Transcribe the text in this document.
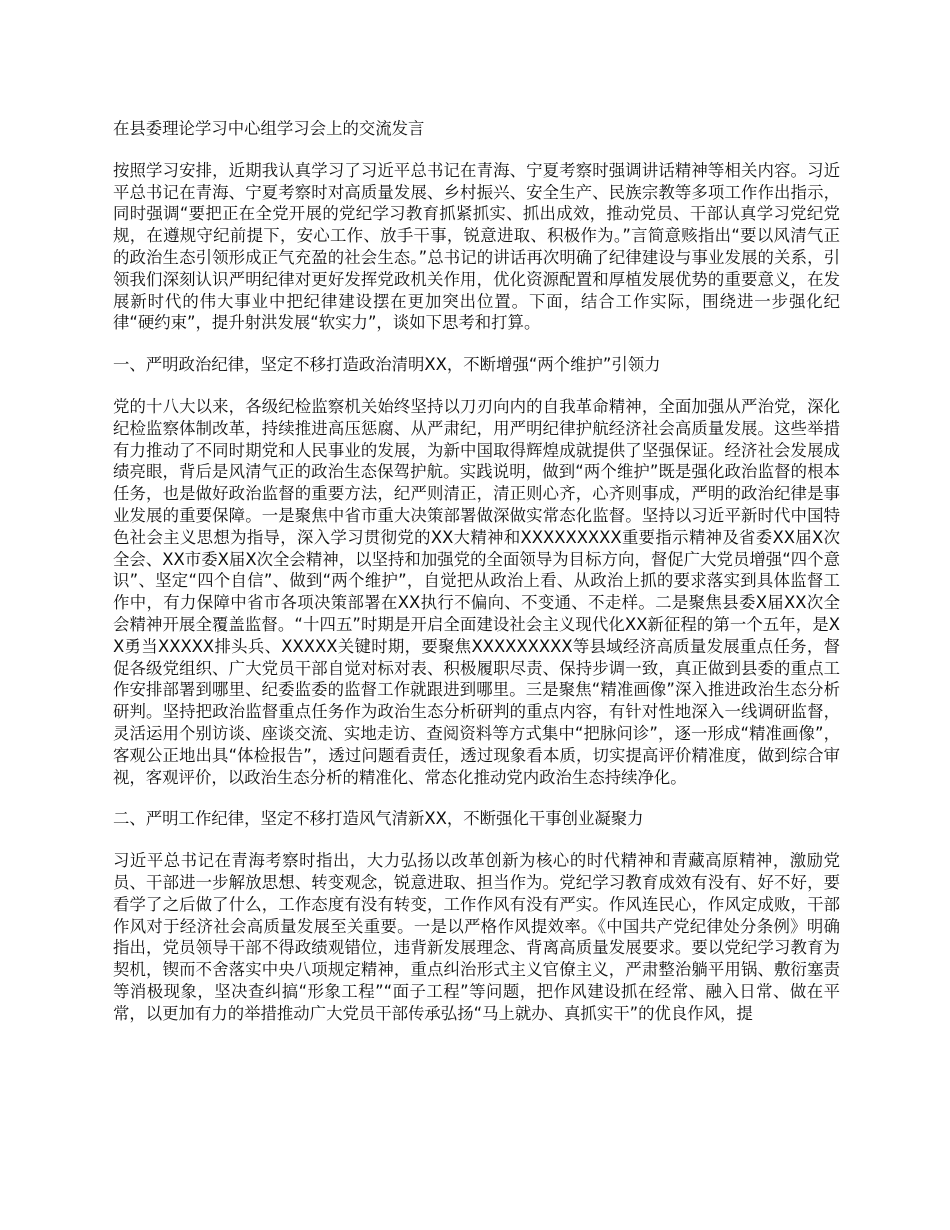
在县委理论学习中心组学习会上的交流发言

按照学习安排，近期我认真学习了习近平总书记在青海、宁夏考察时强调讲话精神等相关内容。习近平总书记在青海、宁夏考察时对高质量发展、乡村振兴、安全生产、民族宗教等多项工作作出指示，同时强调“要把正在全党开展的党纪学习教育抓紧抓实、抓出成效，推动党员、干部认真学习党纪党规，在遵规守纪前提下，安心工作、放手干事，锐意进取、积极作为。”言简意赅指出“要以风清气正的政治生态引领形成正气充盈的社会生态。”总书记的讲话再次明确了纪律建设与事业发展的关系，引领我们深刻认识严明纪律对更好发挥党政机关作用，优化资源配置和厚植发展优势的重要意义，在发展新时代的伟大事业中把纪律建设摆在更加突出位置。下面，结合工作实际，围绕进一步强化纪律“硬约束”，提升射洪发展“软实力”，谈如下思考和打算。

一、严明政治纪律，坚定不移打造政治清明XX，不断增强“两个维护”引领力

党的十八大以来，各级纪检监察机关始终坚持以刀刃向内的自我革命精神，全面加强从严治党，深化纪检监察体制改革，持续推进高压惩腐、从严肃纪，用严明纪律护航经济社会高质量发展。这些举措有力推动了不同时期党和人民事业的发展，为新中国取得辉煌成就提供了坚强保证。经济社会发展成绩亮眼，背后是风清气正的政治生态保驾护航。实践说明，做到“两个维护”既是强化政治监督的根本任务，也是做好政治监督的重要方法，纪严则清正，清正则心齐，心齐则事成，严明的政治纪律是事业发展的重要保障。一是聚焦中省市重大决策部署做深做实常态化监督。坚持以习近平新时代中国特色社会主义思想为指导，深入学习贯彻党的XX大精神和XXXXXXXXX重要指示精神及省委XX届X次全会、XX市委X届X次全会精神，以坚持和加强党的全面领导为目标方向，督促广大党员增强“四个意识”、坚定“四个自信”、做到“两个维护”，自觉把从政治上看、从政治上抓的要求落实到具体监督工作中，有力保障中省市各项决策部署在XX执行不偏向、不变通、不走样。二是聚焦县委X届XX次全会精神开展全覆盖监督。“十四五”时期是开启全面建设社会主义现代化XX新征程的第一个五年，是XX勇当XXXXX排头兵、XXXXX关键时期，要聚焦XXXXXXXXX等县域经济高质量发展重点任务，督促各级党组织、广大党员干部自觉对标对表、积极履职尽责、保持步调一致，真正做到县委的重点工作安排部署到哪里、纪委监委的监督工作就跟进到哪里。三是聚焦“精准画像”深入推进政治生态分析研判。坚持把政治监督重点任务作为政治生态分析研判的重点内容，有针对性地深入一线调研监督，灵活运用个别访谈、座谈交流、实地走访、查阅资料等方式集中“把脉问诊”，逐一形成“精准画像”，客观公正地出具“体检报告”，透过问题看责任，透过现象看本质，切实提高评价精准度，做到综合审视，客观评价，以政治生态分析的精准化、常态化推动党内政治生态持续净化。

二、严明工作纪律，坚定不移打造风气清新XX，不断强化干事创业凝聚力

习近平总书记在青海考察时指出，大力弘扬以改革创新为核心的时代精神和青藏高原精神，激励党员、干部进一步解放思想、转变观念，锐意进取、担当作为。党纪学习教育成效有没有、好不好，要看学了之后做了什么，工作态度有没有转变，工作作风有没有严实。作风连民心，作风定成败，干部作风对于经济社会高质量发展至关重要。一是以严格作风提效率。《中国共产党纪律处分条例》明确指出，党员领导干部不得政绩观错位，违背新发展理念、背离高质量发展要求。要以党纪学习教育为契机，锲而不舍落实中央八项规定精神，重点纠治形式主义官僚主义，严肃整治躺平用锅、敷衍塞责等消极现象，坚决查纠搞“形象工程”“面子工程”等问题，把作风建设抓在经常、融入日常、做在平常，以更加有力的举措推动广大党员干部传承弘扬“马上就办、真抓实干”的优良作风，提
